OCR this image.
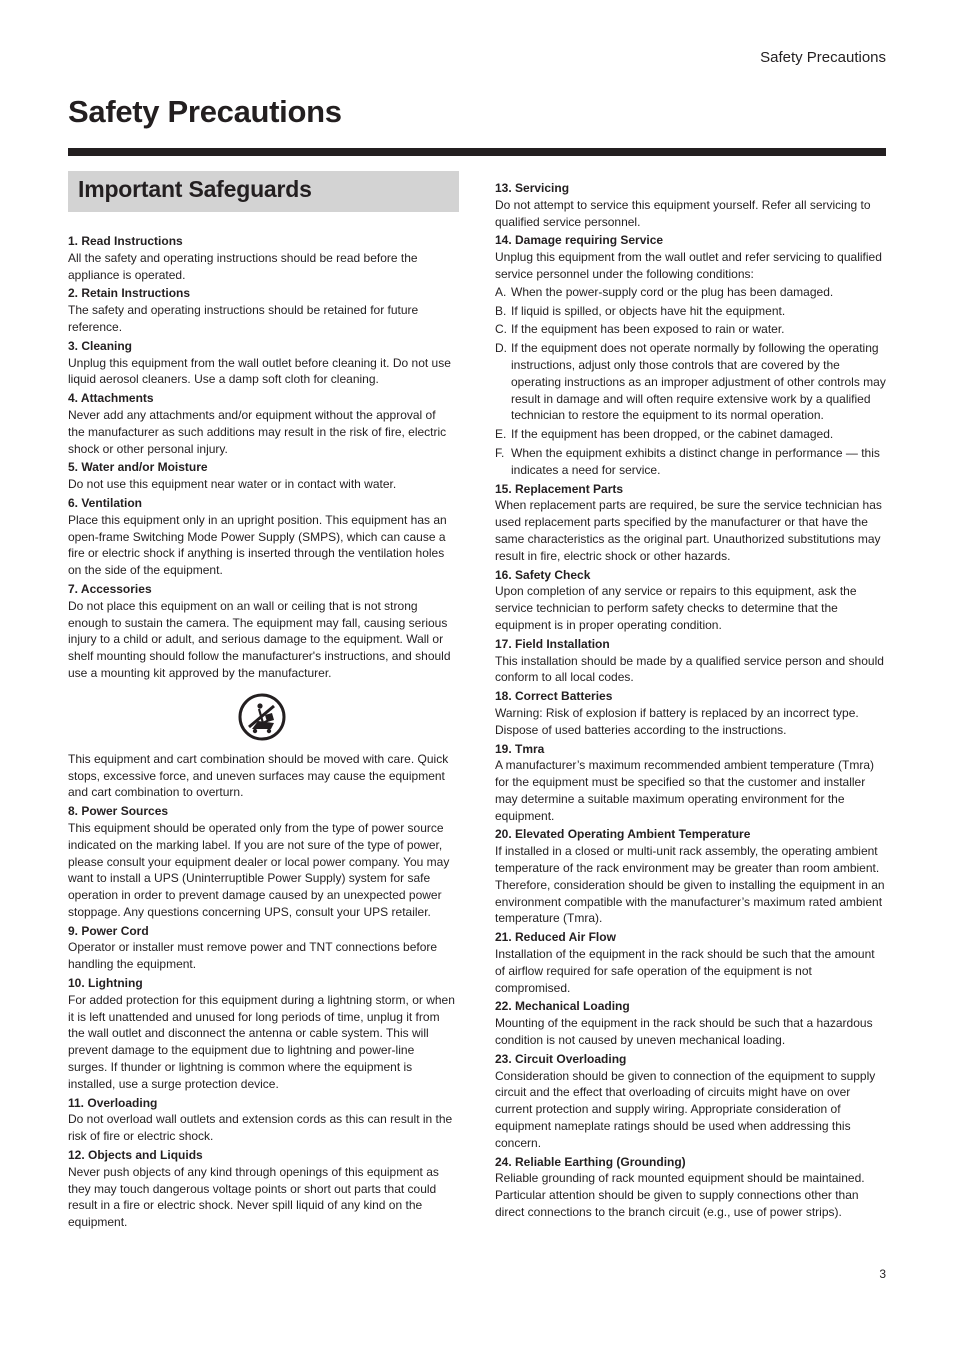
Safety Precautions
Safety Precautions
Important Safeguards
1. Read Instructions

All the safety and operating instructions should be read before the appliance is operated.

2. Retain Instructions

The safety and operating instructions should be retained for future reference.

3. Cleaning

Unplug this equipment from the wall outlet before cleaning it. Do not use liquid aerosol cleaners. Use a damp soft cloth for cleaning.

4. Attachments

Never add any attachments and/or equipment without the approval of the manufacturer as such additions may result in the risk of fire, electric shock or other personal injury.

5. Water and/or Moisture

Do not use this equipment near water or in contact with water.

6. Ventilation

Place this equipment only in an upright position. This equipment has an open-frame Switching Mode Power Supply (SMPS), which can cause a fire or electric shock if anything is inserted through the ventilation holes on the side of the equipment.

7. Accessories

Do not place this equipment on an wall or ceiling that is not strong enough to sustain the camera. The equipment may fall, causing serious injury to a child or adult, and serious damage to the equipment. Wall or shelf mounting should follow the manufacturer's instructions, and should use a mounting kit approved by the manufacturer.

This equipment and cart combination should be moved with care. Quick stops, excessive force, and uneven surfaces may cause the equipment and cart combination to overturn.

8. Power Sources

This equipment should be operated only from the type of power source indicated on the marking label. If you are not sure of the type of power, please consult your equipment dealer or local power company. You may want to install a UPS (Uninterruptible Power Supply) system for safe operation in order to prevent damage caused by an unexpected power stoppage. Any questions concerning UPS, consult your UPS retailer.

9. Power Cord

Operator or installer must remove power and TNT connections before handling the equipment.

10. Lightning

For added protection for this equipment during a lightning storm, or when it is left unattended and unused for long periods of time, unplug it from the wall outlet and disconnect the antenna or cable system. This will prevent damage to the equipment due to lightning and power-line surges. If thunder or lightning is common where the equipment is installed, use a surge protection device.

11. Overloading

Do not overload wall outlets and extension cords as this can result in the risk of fire or electric shock.

12. Objects and Liquids

Never push objects of any kind through openings of this equipment as they may touch dangerous voltage points or short out parts that could result in a fire or electric shock. Never spill liquid of any kind on the equipment.

13. Servicing

Do not attempt to service this equipment yourself. Refer all servicing to qualified service personnel.

14. Damage requiring Service

Unplug this equipment from the wall outlet and refer servicing to qualified service personnel under the following conditions:

A. When the power-supply cord or the plug has been damaged.
B. If liquid is spilled, or objects have hit the equipment.
C. If the equipment has been exposed to rain or water.
D. If the equipment does not operate normally by following the operating instructions, adjust only those controls that are covered by the operating instructions as an improper adjustment of other controls may result in damage and will often require extensive work by a qualified technician to restore the equipment to its normal operation.
E. If the equipment has been dropped, or the cabinet damaged.
F. When the equipment exhibits a distinct change in performance — this indicates a need for service.
15. Replacement Parts

When replacement parts are required, be sure the service technician has used replacement parts specified by the manufacturer or that have the same characteristics as the original part. Unauthorized substitutions may result in fire, electric shock or other hazards.

16. Safety Check

Upon completion of any service or repairs to this equipment, ask the service technician to perform safety checks to determine that the equipment is in proper operating condition.

17. Field Installation

This installation should be made by a qualified service person and should conform to all local codes.

18. Correct Batteries

Warning: Risk of explosion if battery is replaced by an incorrect type. Dispose of used batteries according to the instructions.

19. Tmra

A manufacturer’s maximum recommended ambient temperature (Tmra) for the equipment must be specified so that the customer and installer may determine a suitable maximum operating environment for the equipment.

20. Elevated Operating Ambient Temperature

If installed in a closed or multi-unit rack assembly, the operating ambient temperature of the rack environment may be greater than room ambient. Therefore, consideration should be given to installing the equipment in an environment compatible with the manufacturer’s maximum rated ambient temperature (Tmra).

21. Reduced Air Flow

Installation of the equipment in the rack should be such that the amount of airflow required for safe operation of the equipment is not compromised.

22. Mechanical Loading

Mounting of the equipment in the rack should be such that a hazardous condition is not caused by uneven mechanical loading.

23. Circuit Overloading

Consideration should be given to connection of the equipment to supply circuit and the effect that overloading of circuits might have on over current protection and supply wiring. Appropriate consideration of equipment nameplate ratings should be used when addressing this concern.

24. Reliable Earthing (Grounding)

Reliable grounding of rack mounted equipment should be maintained. Particular attention should be given to supply connections other than direct connections to the branch circuit (e.g., use of power strips).

3
